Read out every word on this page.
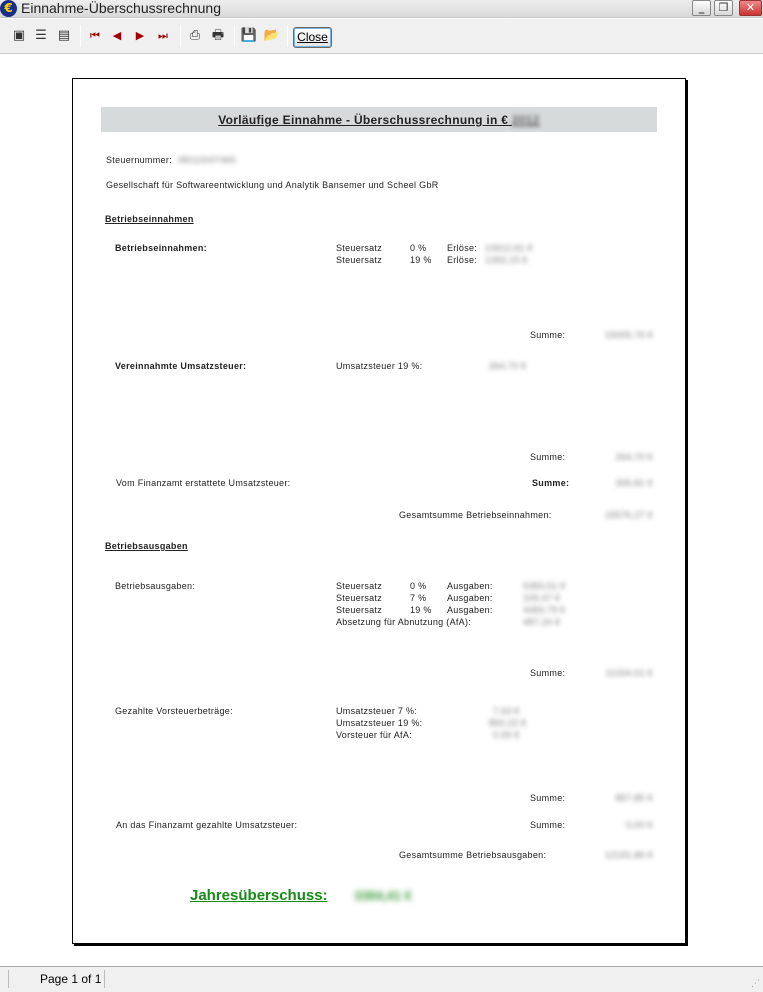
€ Einnahme-Überschussrechnung	_	❐	✕
▣ ☰ ▤	⏮	◀	▶	⏭	⎙ 🖶 💾 📂	Close
Vorläufige Einnahme - Überschussrechnung in € 2012
Steuernummer: 08/115/07465
Gesellschaft für Softwareentwicklung und Analytik Bansemer und Scheel GbR
Betriebseinnahmen
Betriebseinnahmen:	Steuersatz	0 % Erlöse: 13612,61 €
Steuersatz	19 % Erlöse: 1393,15 €
Summe:	15005,76 €
Vereinnahmte Umsatzsteuer:	Umsatzsteuer 19 %:	264,70 €
Summe:	264,70 €
Vom Finanzamt erstattete Umsatzsteuer:	Summe:	305,81 €
Gesamtsumme Betriebseinnahmen:	15576,27 €
Betriebsausgaben
Betriebsausgaben:	Steuersatz	0 % Ausgaben:	5383,51 €
Steuersatz	7 % Ausgaben:	105,47 €
Steuersatz	19 % Ausgaben:	4483,79 €
Absetzung für Abnutzung (AfA):	487,24 €
Summe:	11334,01 €
Gezahlte Vorsteuerbeträge:	Umsatzsteuer 7 %:	7,63 €
Umsatzsteuer 19 %:	850,22 €
Vorsteuer für AfA:	0,00 €
Summe:	857,85 €
An das Finanzamt gezahlte Umsatzsteuer:	Summe:	0,00 €
Gesamtsumme Betriebsausgaben:	12191,86 €
Jahresüberschuss: 3384,41 €
Page 1 of 1	⋰
